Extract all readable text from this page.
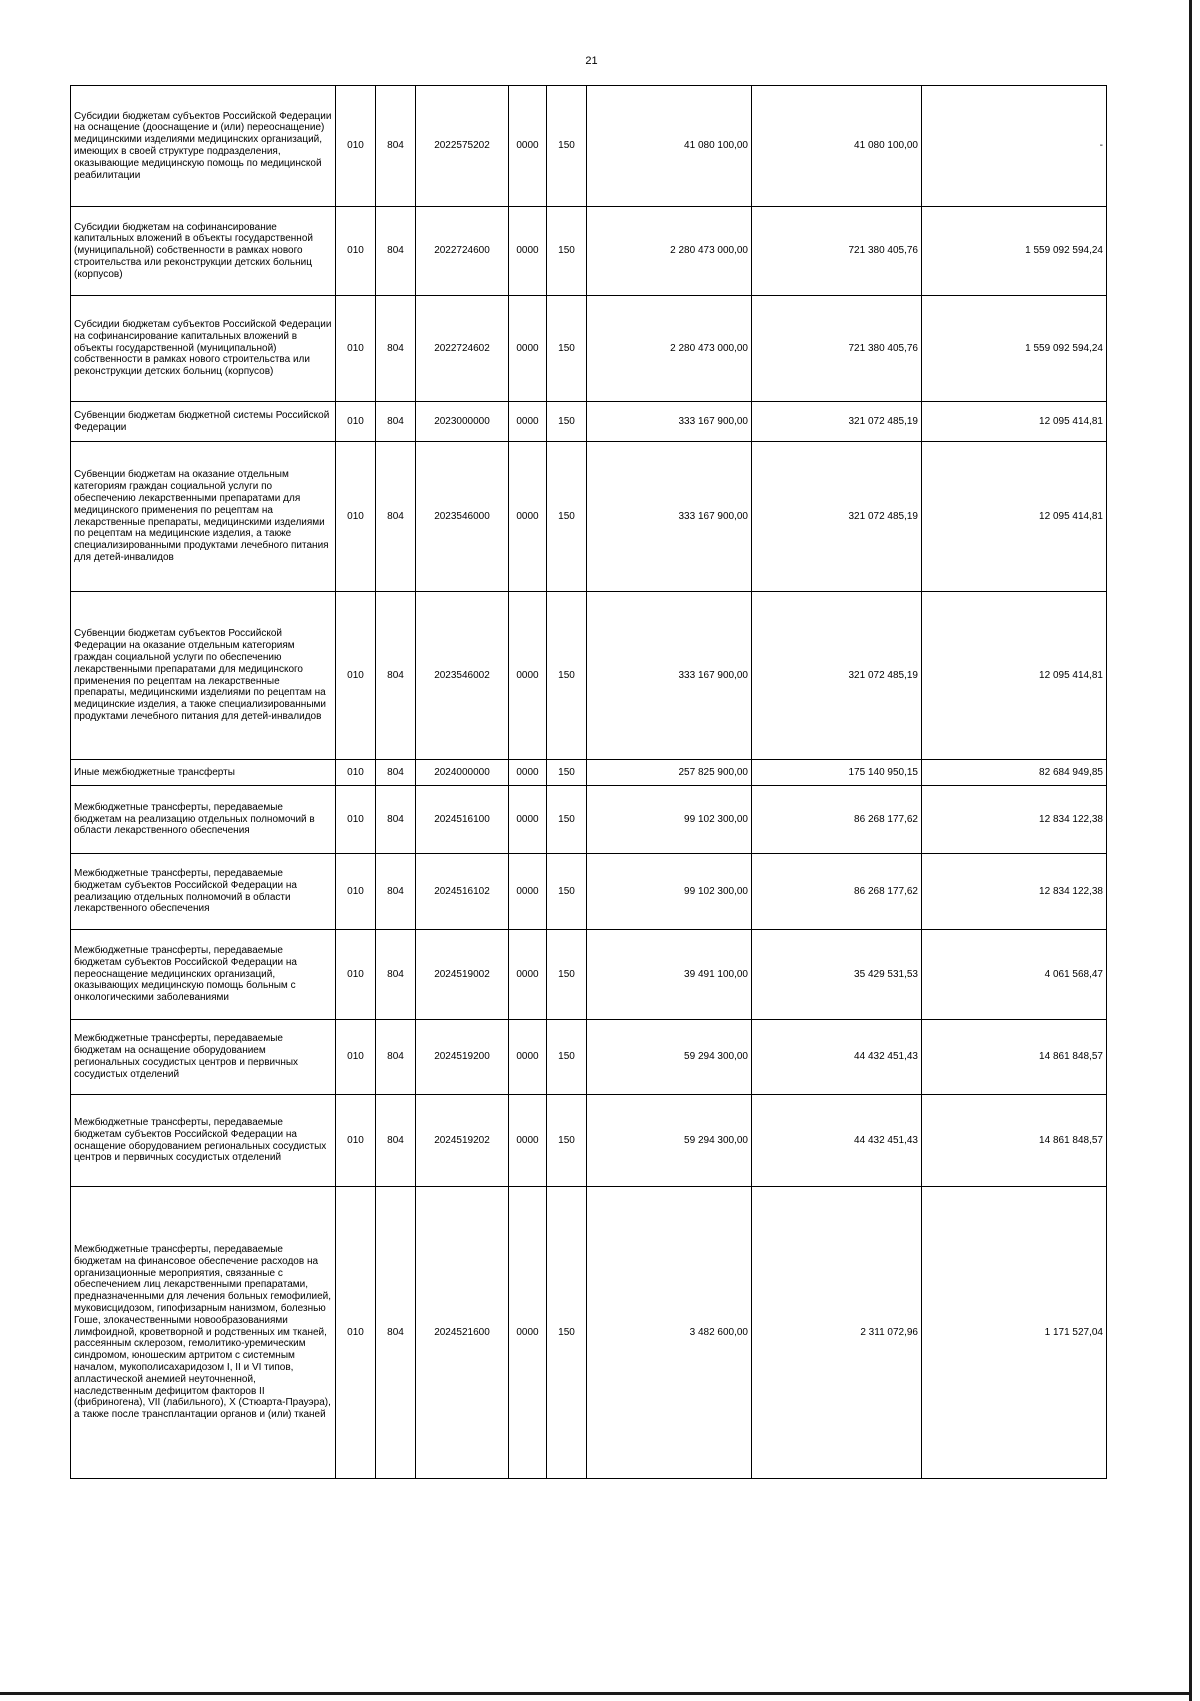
21
Субсидии бюджетам субъектов Российской Федерации на оснащение (дооснащение и (или) переоснащение) медицинскими изделиями медицинских организаций, имеющих в своей структуре подразделения, оказывающие медицинскую помощь по медицинской реабилитации	010	804	2022575202	0000	150	41 080 100,00	41 080 100,00	-
Субсидии бюджетам на софинансирование капитальных вложений в объекты государственной (муниципальной) собственности в рамках нового строительства или реконструкции детских больниц (корпусов)	010	804	2022724600	0000	150	2 280 473 000,00	721 380 405,76	1 559 092 594,24
Субсидии бюджетам субъектов Российской Федерации на софинансирование капитальных вложений в объекты государственной (муниципальной) собственности в рамках нового строительства или реконструкции детских больниц (корпусов)	010	804	2022724602	0000	150	2 280 473 000,00	721 380 405,76	1 559 092 594,24
Субвенции бюджетам бюджетной системы Российской Федерации	010	804	2023000000	0000	150	333 167 900,00	321 072 485,19	12 095 414,81
Субвенции бюджетам на оказание отдельным категориям граждан социальной услуги по обеспечению лекарственными препаратами для медицинского применения по рецептам на лекарственные препараты, медицинскими изделиями по рецептам на медицинские изделия, а также специализированными продуктами лечебного питания для детей-инвалидов	010	804	2023546000	0000	150	333 167 900,00	321 072 485,19	12 095 414,81
Субвенции бюджетам субъектов Российской Федерации на оказание отдельным категориям граждан социальной услуги по обеспечению лекарственными препаратами для медицинского применения по рецептам на лекарственные препараты, медицинскими изделиями по рецептам на медицинские изделия, а также специализированными продуктами лечебного питания для детей-инвалидов	010	804	2023546002	0000	150	333 167 900,00	321 072 485,19	12 095 414,81
Иные межбюджетные трансферты	010	804	2024000000	0000	150	257 825 900,00	175 140 950,15	82 684 949,85
Межбюджетные трансферты, передаваемые бюджетам на реализацию отдельных полномочий в области лекарственного обеспечения	010	804	2024516100	0000	150	99 102 300,00	86 268 177,62	12 834 122,38
Межбюджетные трансферты, передаваемые бюджетам субъектов Российской Федерации на реализацию отдельных полномочий в области лекарственного обеспечения	010	804	2024516102	0000	150	99 102 300,00	86 268 177,62	12 834 122,38
Межбюджетные трансферты, передаваемые бюджетам субъектов Российской Федерации на переоснащение медицинских организаций, оказывающих медицинскую помощь больным с онкологическими заболеваниями	010	804	2024519002	0000	150	39 491 100,00	35 429 531,53	4 061 568,47
Межбюджетные трансферты, передаваемые бюджетам на оснащение оборудованием региональных сосудистых центров и первичных сосудистых отделений	010	804	2024519200	0000	150	59 294 300,00	44 432 451,43	14 861 848,57
Межбюджетные трансферты, передаваемые бюджетам субъектов Российской Федерации на оснащение оборудованием региональных сосудистых центров и первичных сосудистых отделений	010	804	2024519202	0000	150	59 294 300,00	44 432 451,43	14 861 848,57
Межбюджетные трансферты, передаваемые бюджетам на финансовое обеспечение расходов на организационные мероприятия, связанные с обеспечением лиц лекарственными препаратами, предназначенными для лечения больных гемофилией, муковисцидозом, гипофизарным нанизмом, болезнью Гоше, злокачественными новообразованиями лимфоидной, кроветворной и родственных им тканей, рассеянным склерозом, гемолитико-уремическим синдромом, юношеским артритом с системным началом, мукополисахаридозом I, II и VI типов, апластической анемией неуточненной, наследственным дефицитом факторов II (фибриногена), VII (лабильного), X (Стюарта-Прауэра), а также после трансплантации органов и (или) тканей	010	804	2024521600	0000	150	3 482 600,00	2 311 072,96	1 171 527,04
